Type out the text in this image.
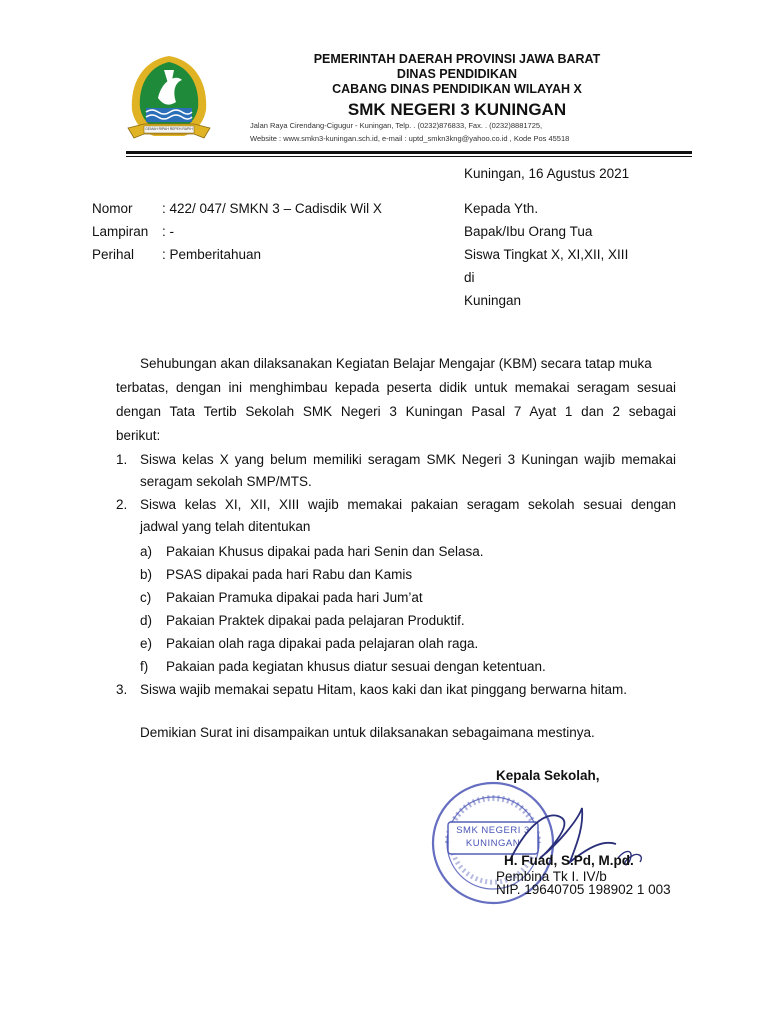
GEMAH RIPAH REPEH RAPIH

PEMERINTAH DAERAH PROVINSI JAWA BARAT

DINAS PENDIDIKAN

CABANG DINAS PENDIDIKAN WILAYAH X

SMK NEGERI 3 KUNINGAN

Jalan Raya Cirendang-Cigugur - Kuningan, Telp. . (0232)876833, Fax. . (0232)8881725,
Website : www.smkn3-kuningan.sch.id, e-mail : uptd_smkn3kng@yahoo.co.id , Kode Pos 45518
Kuningan, 16 Agustus 2021
Nomor : 422/ 047/ SMKN 3 – Cadisdik Wil X
Lampiran : -
Perihal : Pemberitahuan
Kepada Yth.
Bapak/Ibu Orang Tua
Siswa Tingkat X, XI,XII, XIII
di
Kuningan
Sehubungan akan dilaksanakan Kegiatan Belajar Mengajar (KBM) secara tatap muka
terbatas, dengan ini menghimbau kepada peserta didik untuk memakai seragam sesuai
dengan Tata Tertib Sekolah SMK Negeri 3 Kuningan Pasal 7 Ayat 1 dan 2 sebagai
berikut:
1. Siswa kelas X yang belum memiliki seragam SMK Negeri 3 Kuningan wajib memakai
seragam sekolah SMP/MTS.
2. Siswa kelas XI, XII, XIII wajib memakai pakaian seragam sekolah sesuai dengan
jadwal yang telah ditentukan
a) Pakaian Khusus dipakai pada hari Senin dan Selasa.
b) PSAS dipakai pada hari Rabu dan Kamis
c) Pakaian Pramuka dipakai pada hari Jum’at
d) Pakaian Praktek dipakai pada pelajaran Produktif.
e) Pakaian olah raga dipakai pada pelajaran olah raga.
f) Pakaian pada kegiatan khusus diatur sesuai dengan ketentuan.
3. Siswa wajib memakai sepatu Hitam, kaos kaki dan ikat pinggang berwarna hitam.
Demikian Surat ini disampaikan untuk dilaksanakan sebagaimana mestinya.
Kepala Sekolah,
SMK NEGERI 3
KUNINGAN
H. Fuad, S.Pd, M.pd.
Pembina Tk I. IV/b
NIP. 19640705 198902 1 003
